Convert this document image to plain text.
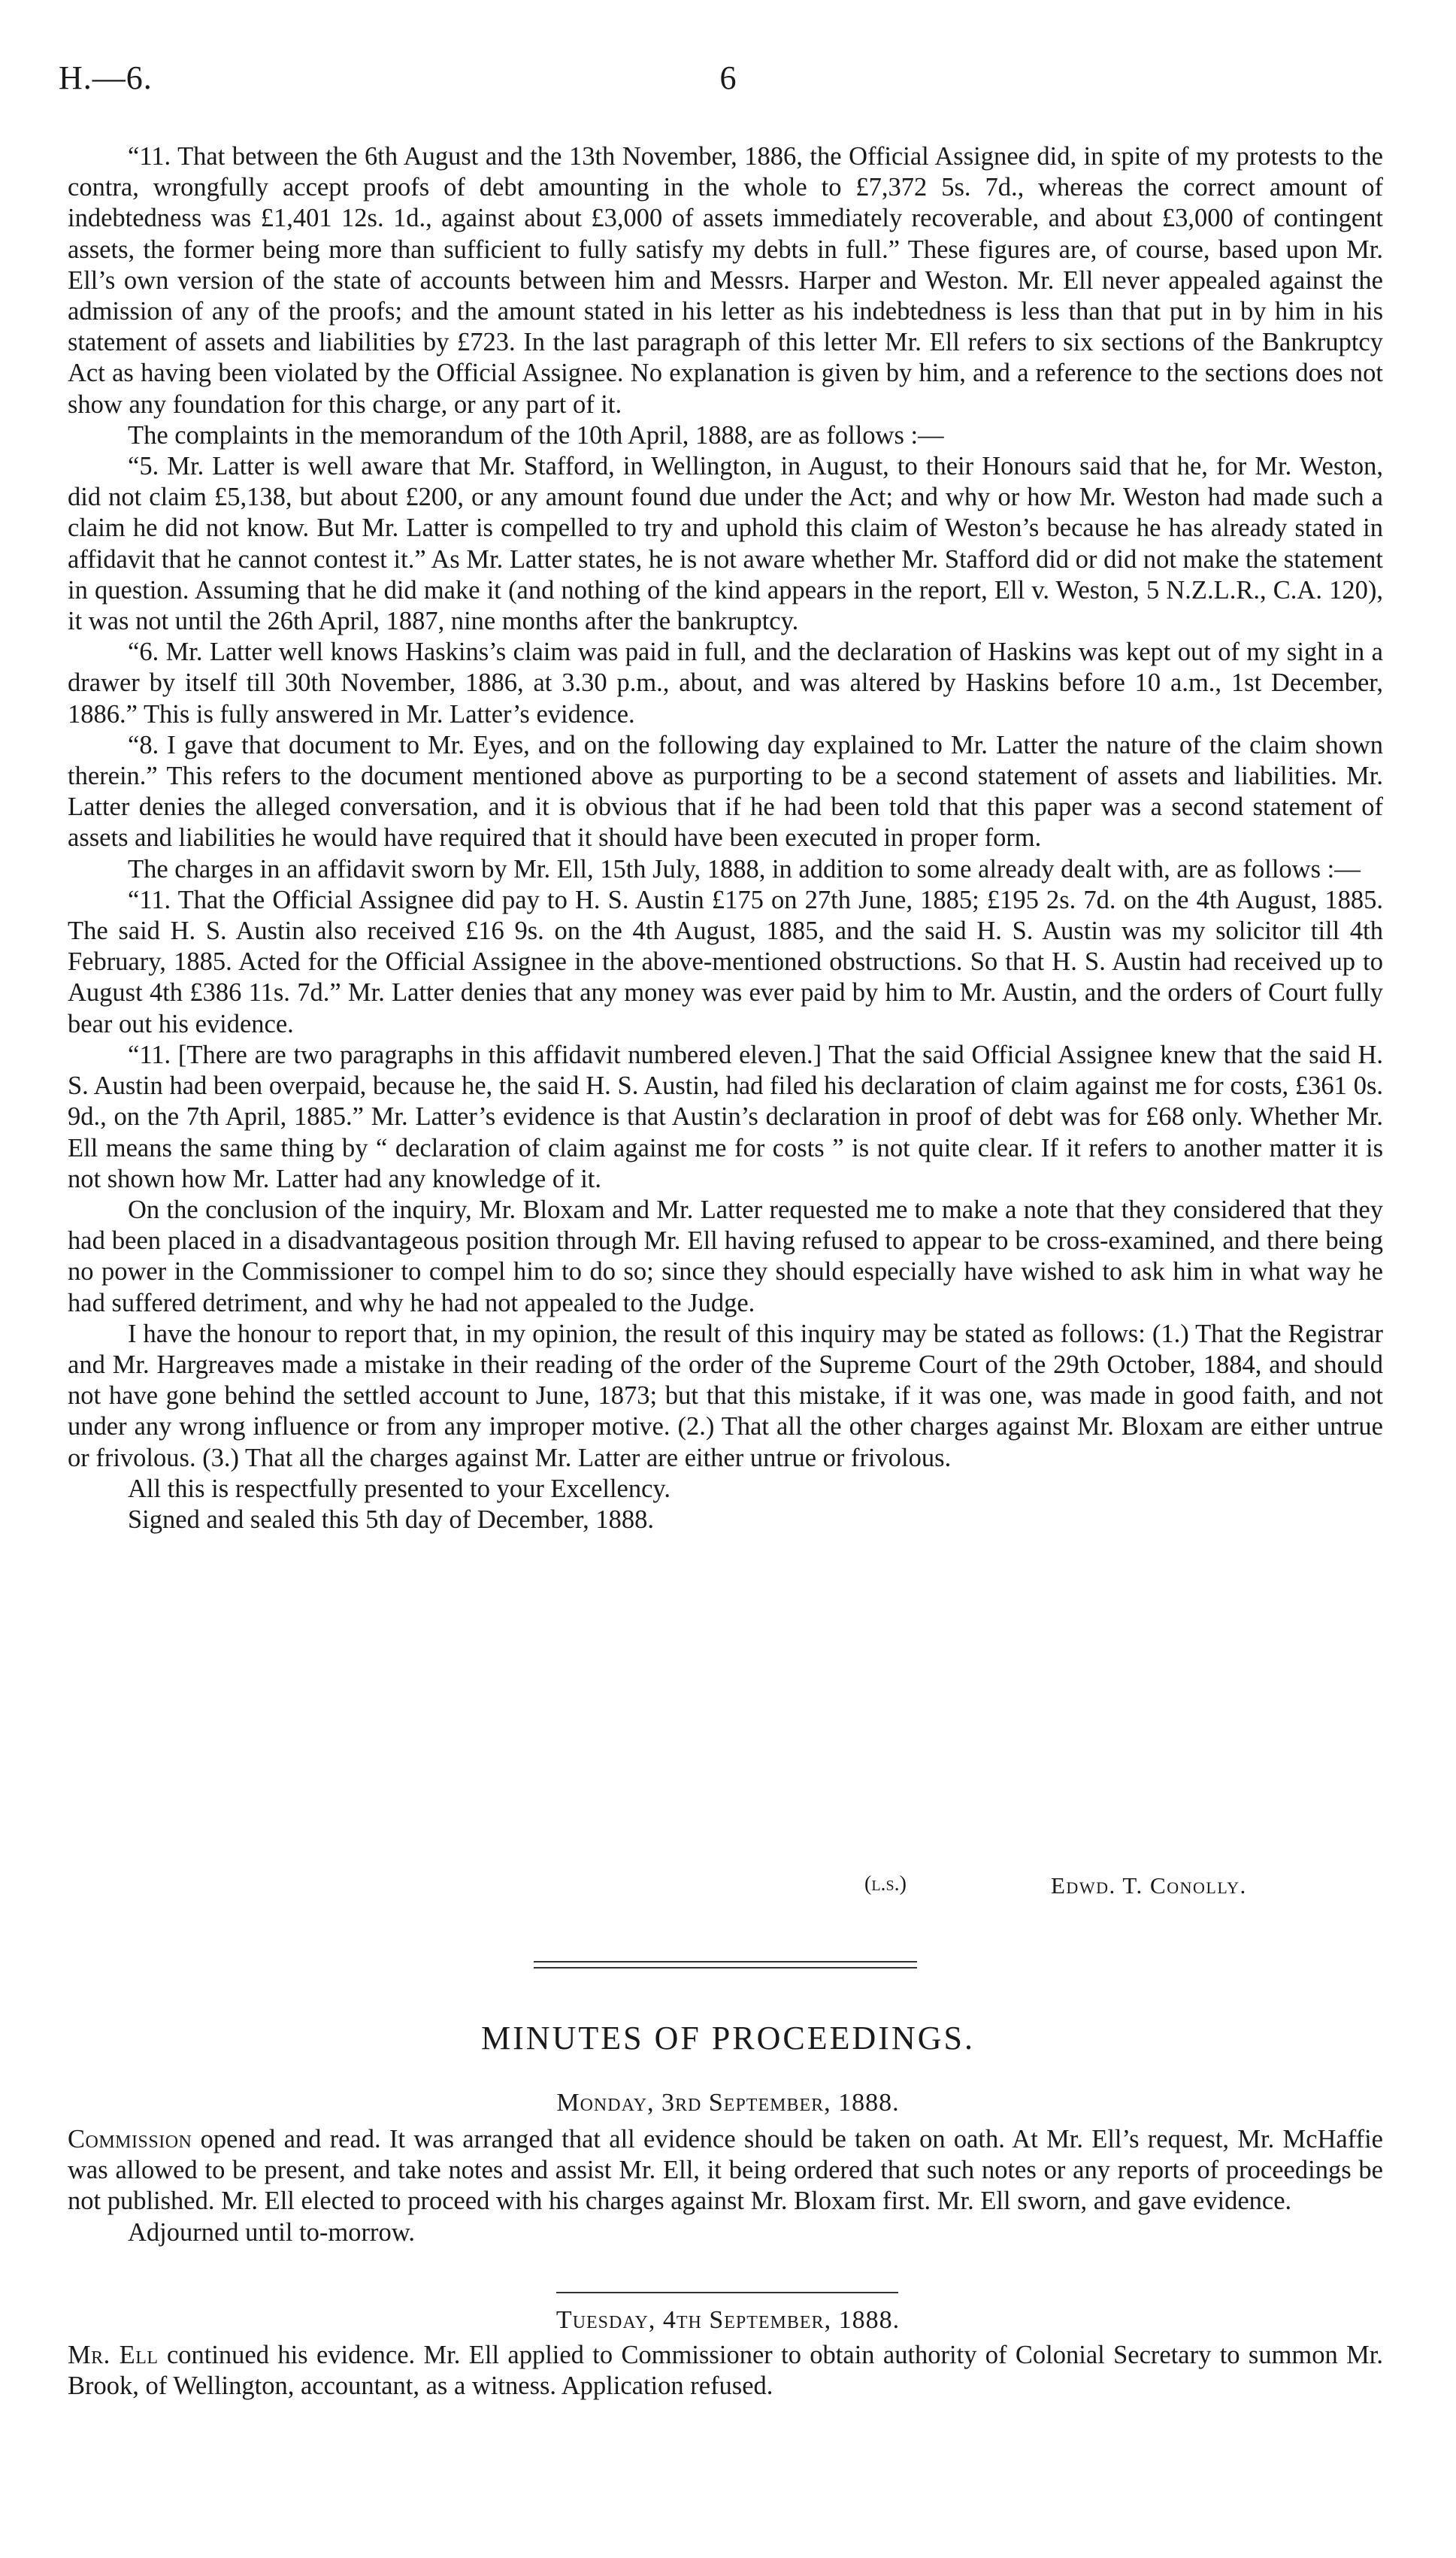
H.—6.	6

“11. That between the 6th August and the 13th November, 1886, the Official Assignee did, in spite of my protests to the contra, wrongfully accept proofs of debt amounting in the whole to £7,372 5s. 7d., whereas the correct amount of indebtedness was £1,401 12s. 1d., against about £3,000 of assets immediately recoverable, and about £3,000 of contingent assets, the former being more than sufficient to fully satisfy my debts in full.” These figures are, of course, based upon Mr. Ell’s own version of the state of accounts between him and Messrs. Harper and Weston. Mr. Ell never appealed against the admission of any of the proofs; and the amount stated in his letter as his indebtedness is less than that put in by him in his statement of assets and liabilities by £723. In the last paragraph of this letter Mr. Ell refers to six sections of the Bankruptcy Act as having been violated by the Official Assignee. No explanation is given by him, and a reference to the sections does not show any foundation for this charge, or any part of it.

The complaints in the memorandum of the 10th April, 1888, are as follows :—

“5. Mr. Latter is well aware that Mr. Stafford, in Wellington, in August, to their Honours said that he, for Mr. Weston, did not claim £5,138, but about £200, or any amount found due under the Act; and why or how Mr. Weston had made such a claim he did not know. But Mr. Latter is compelled to try and uphold this claim of Weston’s because he has already stated in affidavit that he cannot contest it.” As Mr. Latter states, he is not aware whether Mr. Stafford did or did not make the statement in question. Assuming that he did make it (and nothing of the kind appears in the report, Ell v. Weston, 5 N.Z.L.R., C.A. 120), it was not until the 26th April, 1887, nine months after the bankruptcy.

“6. Mr. Latter well knows Haskins’s claim was paid in full, and the declaration of Haskins was kept out of my sight in a drawer by itself till 30th November, 1886, at 3.30 p.m., about, and was altered by Haskins before 10 a.m., 1st December, 1886.” This is fully answered in Mr. Latter’s evidence.

“8. I gave that document to Mr. Eyes, and on the following day explained to Mr. Latter the nature of the claim shown therein.” This refers to the document mentioned above as purporting to be a second statement of assets and liabilities. Mr. Latter denies the alleged conversation, and it is obvious that if he had been told that this paper was a second statement of assets and liabilities he would have required that it should have been executed in proper form.

The charges in an affidavit sworn by Mr. Ell, 15th July, 1888, in addition to some already dealt with, are as follows :—

“11. That the Official Assignee did pay to H. S. Austin £175 on 27th June, 1885; £195 2s. 7d. on the 4th August, 1885. The said H. S. Austin also received £16 9s. on the 4th August, 1885, and the said H. S. Austin was my solicitor till 4th February, 1885. Acted for the Official Assignee in the above-mentioned obstructions. So that H. S. Austin had received up to August 4th £386 11s. 7d.” Mr. Latter denies that any money was ever paid by him to Mr. Austin, and the orders of Court fully bear out his evidence.

“11. [There are two paragraphs in this affidavit numbered eleven.] That the said Official Assignee knew that the said H. S. Austin had been overpaid, because he, the said H. S. Austin, had filed his declaration of claim against me for costs, £361 0s. 9d., on the 7th April, 1885.” Mr. Latter’s evidence is that Austin’s declaration in proof of debt was for £68 only. Whether Mr. Ell means the same thing by “ declaration of claim against me for costs ” is not quite clear. If it refers to another matter it is not shown how Mr. Latter had any knowledge of it.

On the conclusion of the inquiry, Mr. Bloxam and Mr. Latter requested me to make a note that they considered that they had been placed in a disadvantageous position through Mr. Ell having refused to appear to be cross-examined, and there being no power in the Commissioner to compel him to do so; since they should especially have wished to ask him in what way he had suffered detriment, and why he had not appealed to the Judge.

I have the honour to report that, in my opinion, the result of this inquiry may be stated as follows: (1.) That the Registrar and Mr. Hargreaves made a mistake in their reading of the order of the Supreme Court of the 29th October, 1884, and should not have gone behind the settled account to June, 1873; but that this mistake, if it was one, was made in good faith, and not under any wrong influence or from any improper motive. (2.) That all the other charges against Mr. Bloxam are either untrue or frivolous. (3.) That all the charges against Mr. Latter are either untrue or frivolous.

All this is respectfully presented to your Excellency.

Signed and sealed this 5th day of December, 1888.

(l.s.)	Edwd. T. Conolly.
MINUTES OF PROCEEDINGS.
Monday, 3rd September, 1888.

Commission opened and read. It was arranged that all evidence should be taken on oath. At Mr. Ell’s request, Mr. McHaffie was allowed to be present, and take notes and assist Mr. Ell, it being ordered that such notes or any reports of proceedings be not published. Mr. Ell elected to proceed with his charges against Mr. Bloxam first. Mr. Ell sworn, and gave evidence.

Adjourned until to-morrow.

Tuesday, 4th September, 1888.

Mr. Ell continued his evidence. Mr. Ell applied to Commissioner to obtain authority of Colonial Secretary to summon Mr. Brook, of Wellington, accountant, as a witness. Application refused.
